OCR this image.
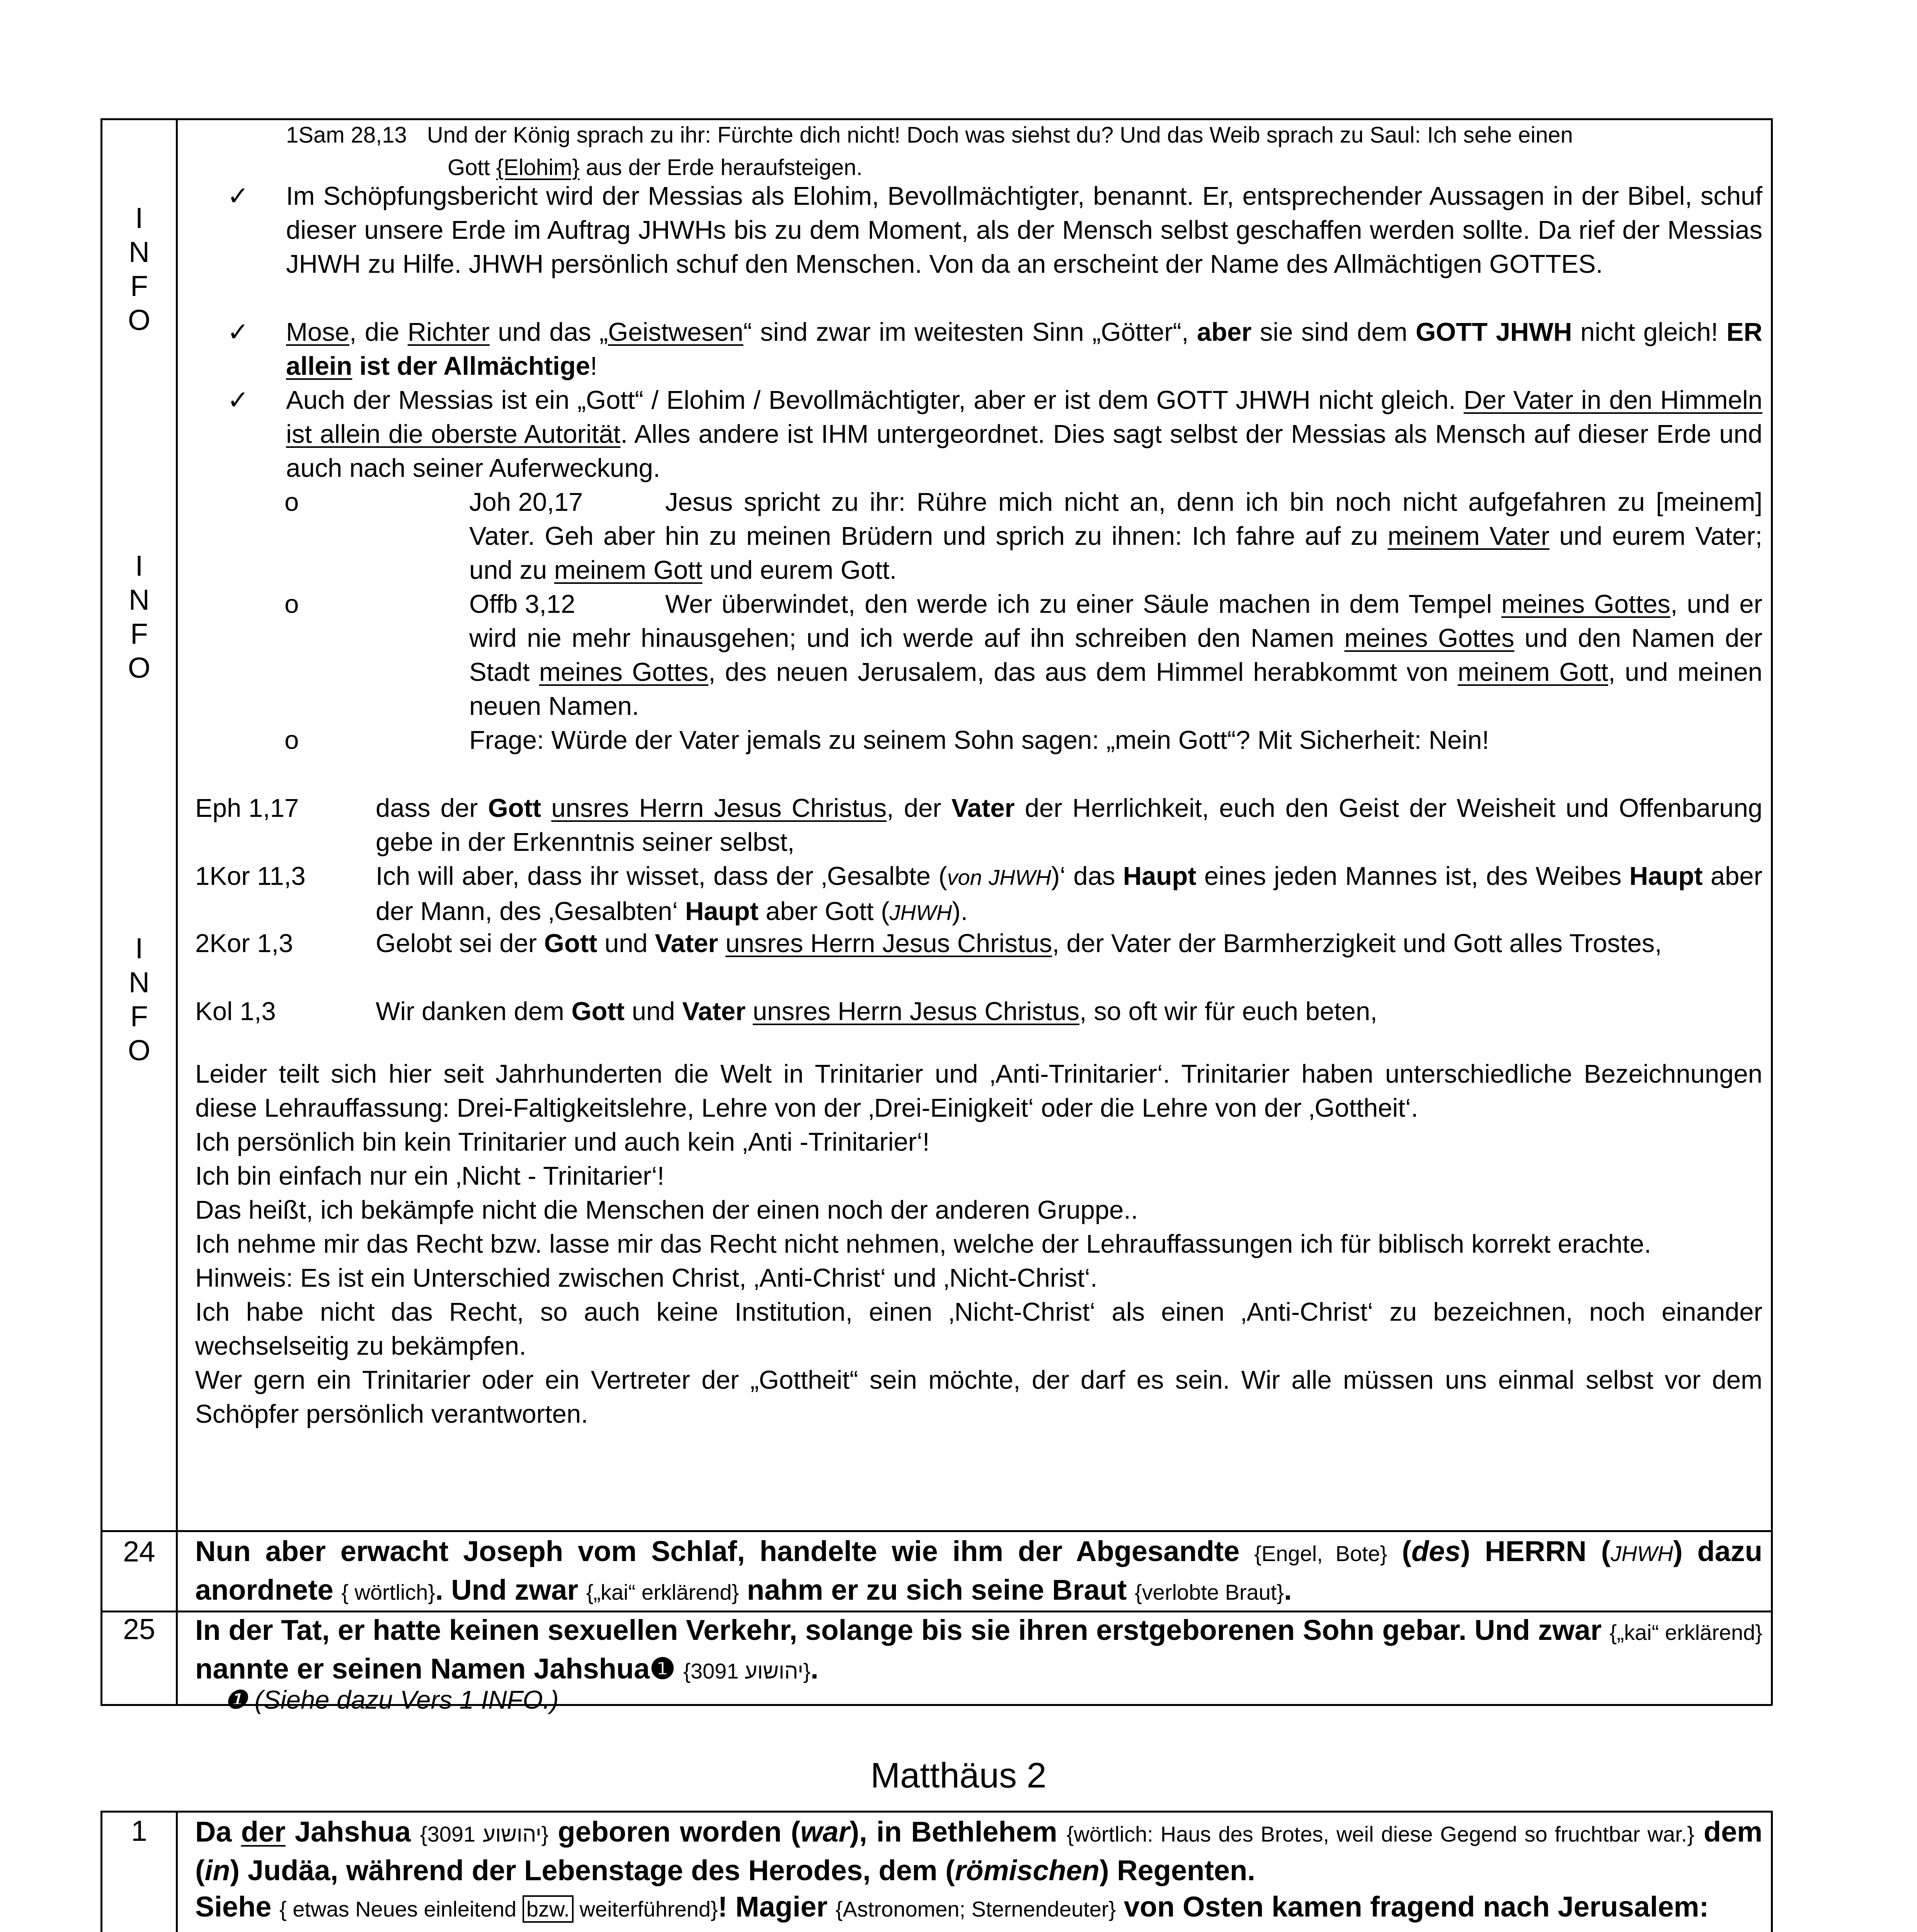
I
N
F
O
I
N
F
O
I
N
F
O
1Sam 28,13 Und der König sprach zu ihr: Fürchte dich nicht! Doch was siehst du? Und das Weib sprach zu Saul: Ich sehe einen
Gott {Elohim} aus der Erde heraufsteigen.
✓ Im Schöpfungsbericht wird der Messias als Elohim, Bevollmächtigter, benannt. Er, entsprechender Aussagen in der Bibel, schuf dieser unsere Erde im Auftrag JHWHs bis zu dem Moment, als der Mensch selbst geschaffen werden sollte. Da rief der Messias JHWH zu Hilfe. JHWH persönlich schuf den Menschen. Von da an erscheint der Name des Allmächtigen GOTTES.

✓ Mose, die Richter und das „Geistwesen“ sind zwar im weitesten Sinn „Götter“, aber sie sind dem GOTT JHWH nicht gleich! ER allein ist der Allmächtige!

✓ Auch der Messias ist ein „Gott“ / Elohim / Bevollmächtigter, aber er ist dem GOTT JHWH nicht gleich. Der Vater in den Himmeln ist allein die oberste Autorität. Alles andere ist IHM untergeordnet. Dies sagt selbst der Messias als Mensch auf dieser Erde und auch nach seiner Auferweckung.

o	Joh 20,17	Jesus spricht zu ihr: Rühre mich nicht an, denn ich bin noch nicht aufgefahren zu [meinem] Vater. Geh aber hin zu meinen Brüdern und sprich zu ihnen: Ich fahre auf zu meinem Vater und eurem Vater; und zu meinem Gott und eurem Gott.

o	Offb 3,12	Wer überwindet, den werde ich zu einer Säule machen in dem Tempel meines Gottes, und er wird nie mehr hinausgehen; und ich werde auf ihn schreiben den Namen meines Gottes und den Namen der Stadt meines Gottes, des neuen Jerusalem, das aus dem Himmel herabkommt von meinem Gott, und meinen neuen Namen.

o	Frage: Würde der Vater jemals zu seinem Sohn sagen: „mein Gott“? Mit Sicherheit: Nein!

Eph 1,17	dass der Gott unsres Herrn Jesus Christus, der Vater der Herrlichkeit, euch den Geist der Weisheit und Offenbarung gebe in der Erkenntnis seiner selbst,

1Kor 11,3	Ich will aber, dass ihr wisset, dass der ‚Gesalbte (von JHWH)‘ das Haupt eines jeden Mannes ist, des Weibes Haupt aber der Mann, des ‚Gesalbten‘ Haupt aber Gott (JHWH).

2Kor 1,3	Gelobt sei der Gott und Vater unsres Herrn Jesus Christus, der Vater der Barmherzigkeit und Gott alles Trostes,

Kol 1,3	Wir danken dem Gott und Vater unsres Herrn Jesus Christus, so oft wir für euch beten,

Leider teilt sich hier seit Jahrhunderten die Welt in Trinitarier und ‚Anti-Trinitarier‘. Trinitarier haben unterschiedliche Bezeichnungen diese Lehrauffassung: Drei-Faltigkeitslehre, Lehre von der ‚Drei-Einigkeit‘ oder die Lehre von der ‚Gottheit‘.

Ich persönlich bin kein Trinitarier und auch kein ‚Anti -Trinitarier‘!

Ich bin einfach nur ein ‚Nicht - Trinitarier‘!

Das heißt, ich bekämpfe nicht die Menschen der einen noch der anderen Gruppe..

Ich nehme mir das Recht bzw. lasse mir das Recht nicht nehmen, welche der Lehrauffassungen ich für biblisch korrekt erachte.

Hinweis: Es ist ein Unterschied zwischen Christ, ‚Anti-Christ‘ und ‚Nicht-Christ‘.

Ich habe nicht das Recht, so auch keine Institution, einen ‚Nicht-Christ‘ als einen ‚Anti-Christ‘ zu bezeichnen, noch einander wechselseitig zu bekämpfen.

Wer gern ein Trinitarier oder ein Vertreter der „Gottheit“ sein möchte, der darf es sein. Wir alle müssen uns einmal selbst vor dem Schöpfer persönlich verantworten.

24	Nun aber erwacht Joseph vom Schlaf, handelte wie ihm der Abgesandte {Engel, Bote} (des) HERRN (JHWH) dazu anordnete { wörtlich}. Und zwar {„kai“ erklärend} nahm er zu sich seine Braut {verlobte Braut}.

25	In der Tat, er hatte keinen sexuellen Verkehr, solange bis sie ihren erstgeborenen Sohn gebar. Und zwar {„kai“ erklärend} nannte er seinen Namen Jahshua❶ {3091 יהושוע}.

❶ (Siehe dazu Vers 1 INFO.)

Matthäus 2
1	Da der Jahshua {3091 יהושוע} geboren worden (war), in Bethlehem {wörtlich: Haus des Brotes, weil diese Gegend so fruchtbar war.} dem (in) Judäa, während der Lebenstage des Herodes, dem (römischen) Regenten.

Siehe { etwas Neues einleitend bzw. weiterführend}! Magier {Astronomen; Sternendeuter} von Osten kamen fragend nach Jerusalem:
